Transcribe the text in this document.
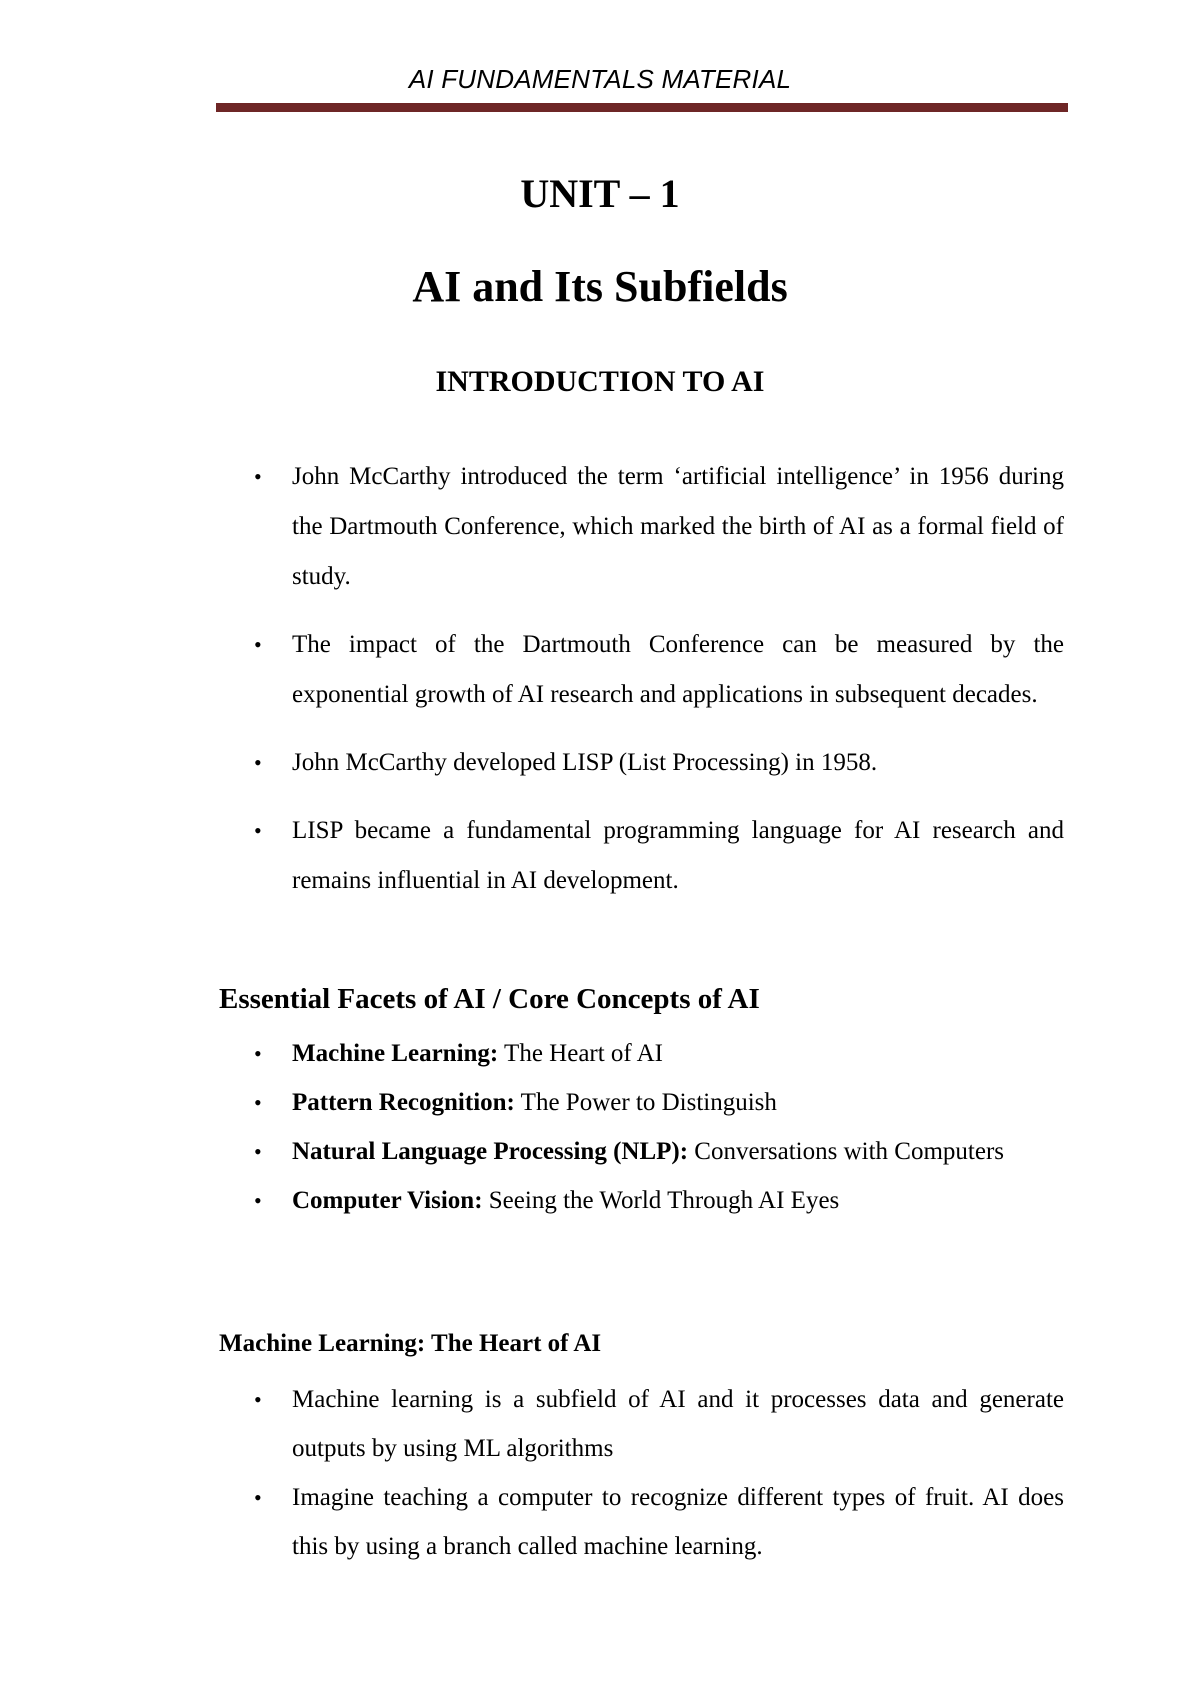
AI FUNDAMENTALS MATERIAL
UNIT – 1
AI and Its Subfields
INTRODUCTION TO AI
• John McCarthy introduced the term ‘artificial intelligence’ in 1956 during the Dartmouth Conference, which marked the birth of AI as a formal field of study.
• The impact of the Dartmouth Conference can be measured by the exponential growth of AI research and applications in subsequent decades.
• John McCarthy developed LISP (List Processing) in 1958.
• LISP became a fundamental programming language for AI research and remains influential in AI development.
Essential Facets of AI / Core Concepts of AI
• Machine Learning: The Heart of AI
• Pattern Recognition: The Power to Distinguish
• Natural Language Processing (NLP): Conversations with Computers
• Computer Vision: Seeing the World Through AI Eyes
Machine Learning: The Heart of AI
• Machine learning is a subfield of AI and it processes data and generate outputs by using ML algorithms
• Imagine teaching a computer to recognize different types of fruit. AI does this by using a branch called machine learning.
